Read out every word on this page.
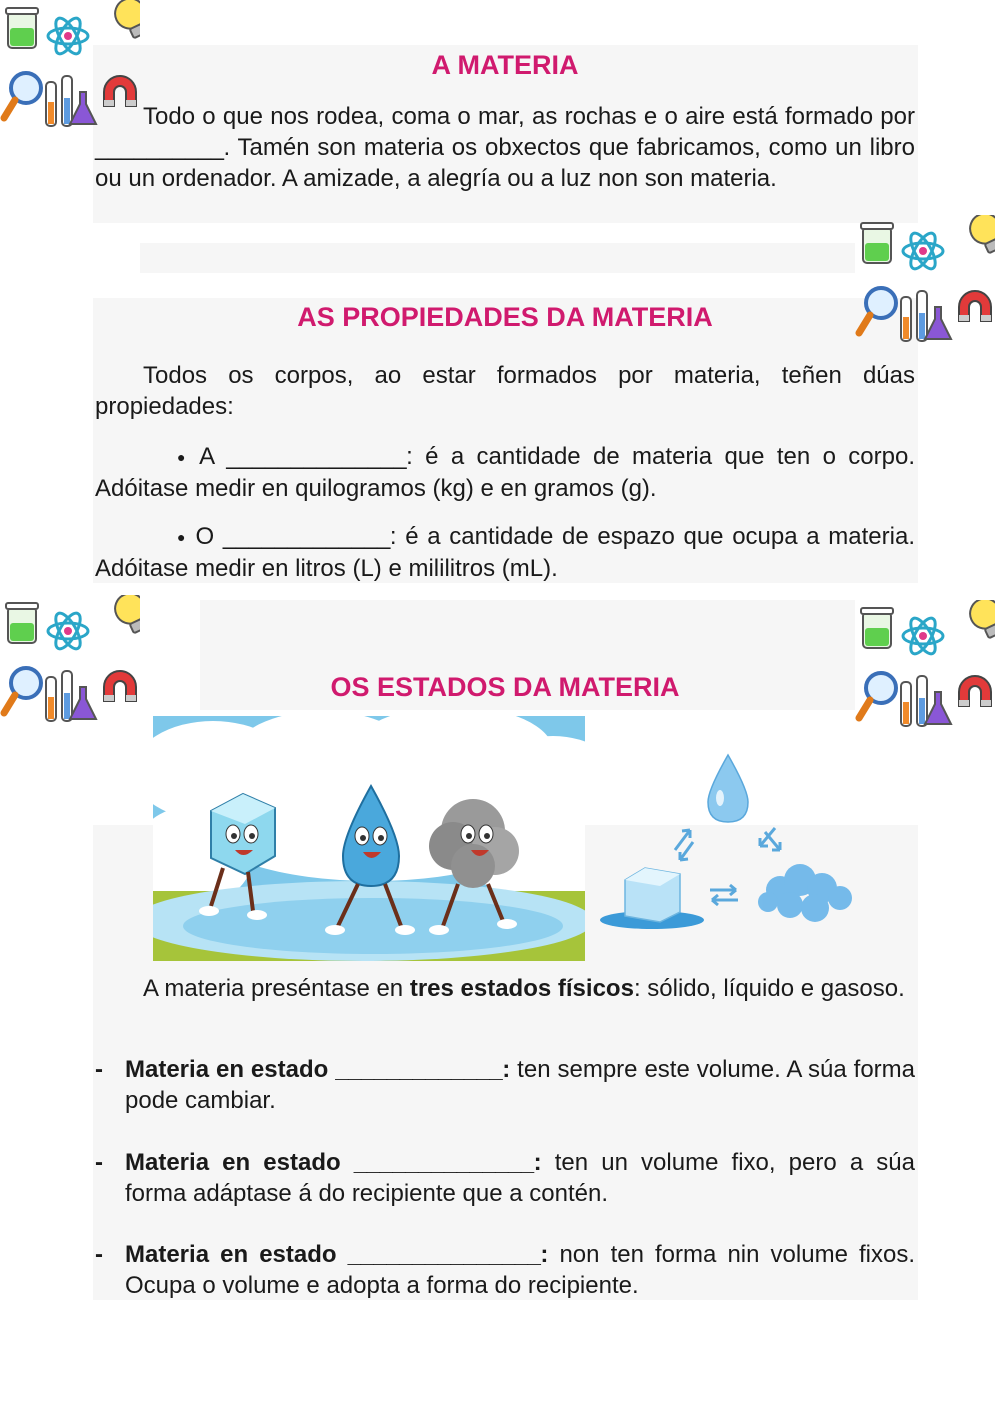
A MATERIA
Todo o que nos rodea, coma o mar, as rochas e o aire está formado por __________. Tamén son materia os obxectos que fabricamos, como un libro ou un ordenador. A amizade, a alegría ou a luz non son materia.
AS PROPIEDADES DA MATERIA
Todos os corpos, ao estar formados por materia, teñen dúas propiedades:
● A ______________: é a cantidade de materia que ten o corpo. Adóitase medir en quilogramos (kg) e en gramos (g).
● O _____________: é a cantidade de espazo que ocupa a materia. Adóitase medir en litros (L) e mililitros (mL).
OS ESTADOS DA MATERIA
A materia preséntase en tres estados físicos: sólido, líquido e gasoso.
- Materia en estado _____________: ten sempre este volume. A súa forma pode cambiar.
- Materia en estado ______________: ten un volume fixo, pero a súa forma adáptase á do recipiente que a contén.
- Materia en estado _______________: non ten forma nin volume fixos. Ocupa o volume e adopta a forma do recipiente.
